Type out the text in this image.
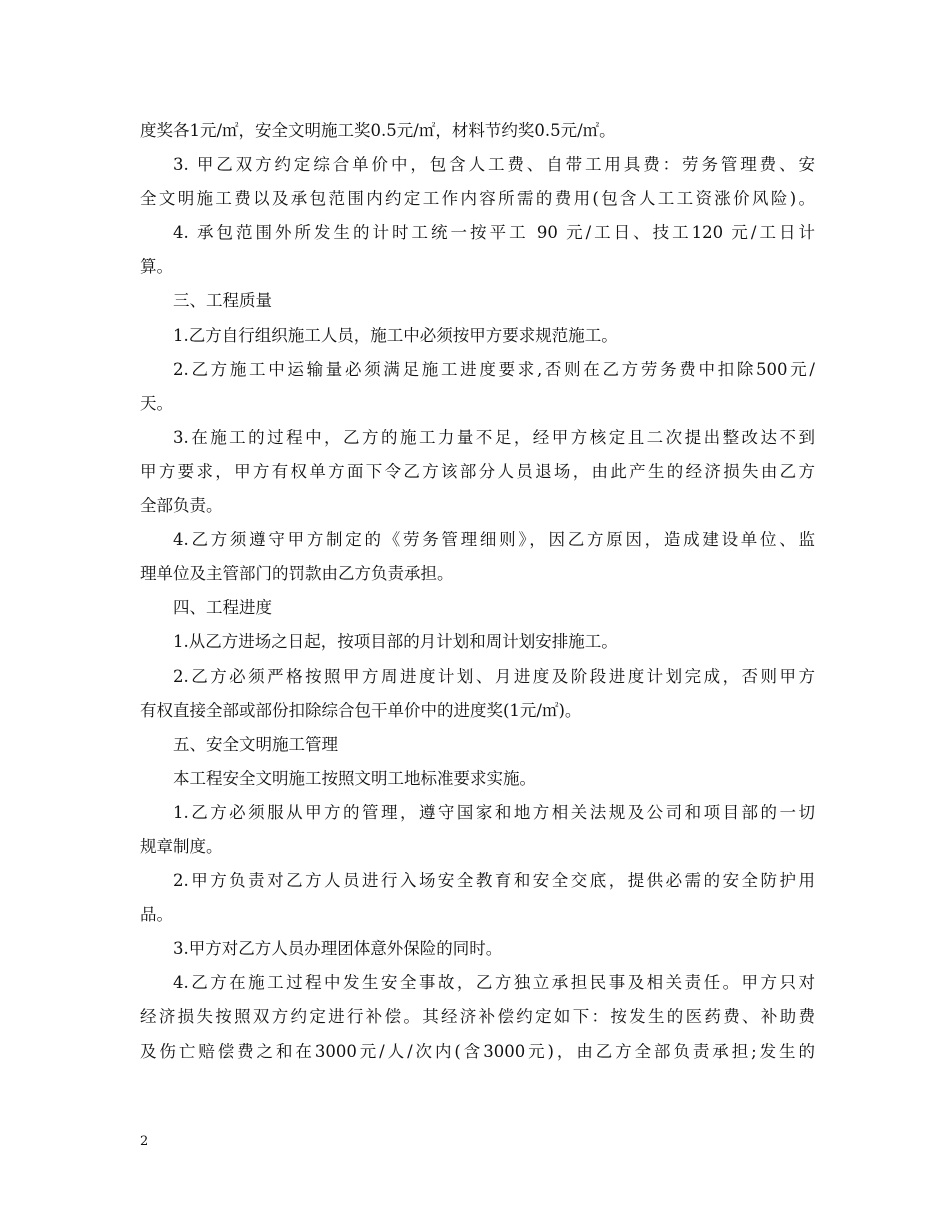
度奖各1元/㎡，安全文明施工奖0.5元/㎡，材料节约奖0.5元/㎡。
3. 甲乙双方约定综合单价中，包含人工费、自带工用具费：劳务管理费、安
全文明施工费以及承包范围内约定工作内容所需的费用(包含人工工资涨价风险)。
4. 承包范围外所发生的计时工统一按平工 90 元/工日、技工120 元/工日计
算。
三、工程质量
1.乙方自行组织施工人员，施工中必须按甲方要求规范施工。
2.乙方施工中运输量必须满足施工进度要求,否则在乙方劳务费中扣除500元/
天。
3.在施工的过程中，乙方的施工力量不足，经甲方核定且二次提出整改达不到
甲方要求，甲方有权单方面下令乙方该部分人员退场，由此产生的经济损失由乙方
全部负责。
4.乙方须遵守甲方制定的《劳务管理细则》，因乙方原因，造成建设单位、监
理单位及主管部门的罚款由乙方负责承担。
四、工程进度
1.从乙方进场之日起，按项目部的月计划和周计划安排施工。
2.乙方必须严格按照甲方周进度计划、月进度及阶段进度计划完成，否则甲方
有权直接全部或部份扣除综合包干单价中的进度奖(1元/㎡)。
五、安全文明施工管理
本工程安全文明施工按照文明工地标准要求实施。
1.乙方必须服从甲方的管理，遵守国家和地方相关法规及公司和项目部的一切
规章制度。
2.甲方负责对乙方人员进行入场安全教育和安全交底，提供必需的安全防护用
品。
3.甲方对乙方人员办理团体意外保险的同时。
4.乙方在施工过程中发生安全事故，乙方独立承担民事及相关责任。甲方只对
经济损失按照双方约定进行补偿。其经济补偿约定如下：按发生的医药费、补助费
及伤亡赔偿费之和在3000元/人/次内(含3000元)，由乙方全部负责承担;发生的
2
